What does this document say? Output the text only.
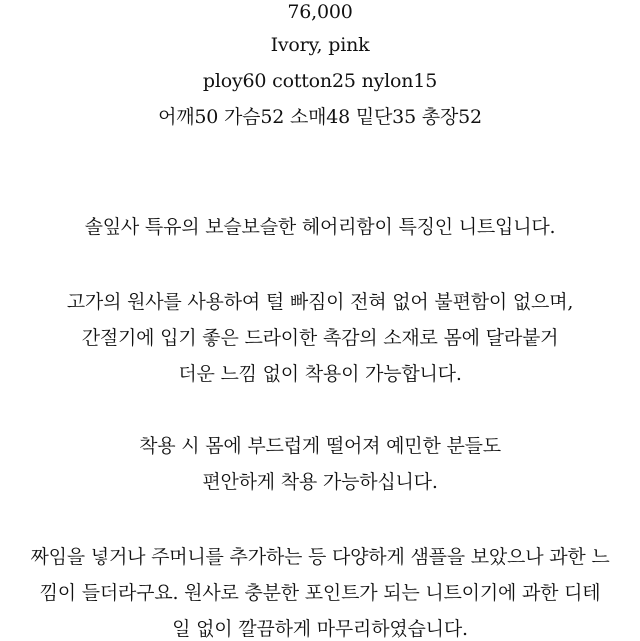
76,000
Ivory, pink
ploy60 cotton25 nylon15
어깨50 가슴52 소매48 밑단35 총장52
솔잎사 특유의 보슬보슬한 헤어리함이 특징인 니트입니다.
고가의 원사를 사용하여 털 빠짐이 전혀 없어 불편함이 없으며,
간절기에 입기 좋은 드라이한 촉감의 소재로 몸에 달라붙거
더운 느낌 없이 착용이 가능합니다.
착용 시 몸에 부드럽게 떨어져 예민한 분들도
편안하게 착용 가능하십니다.
짜임을 넣거나 주머니를 추가하는 등 다양하게 샘플을 보았으나 과한 느
낌이 들더라구요. 원사로 충분한 포인트가 되는 니트이기에 과한 디테
일 없이 깔끔하게 마무리하였습니다.
